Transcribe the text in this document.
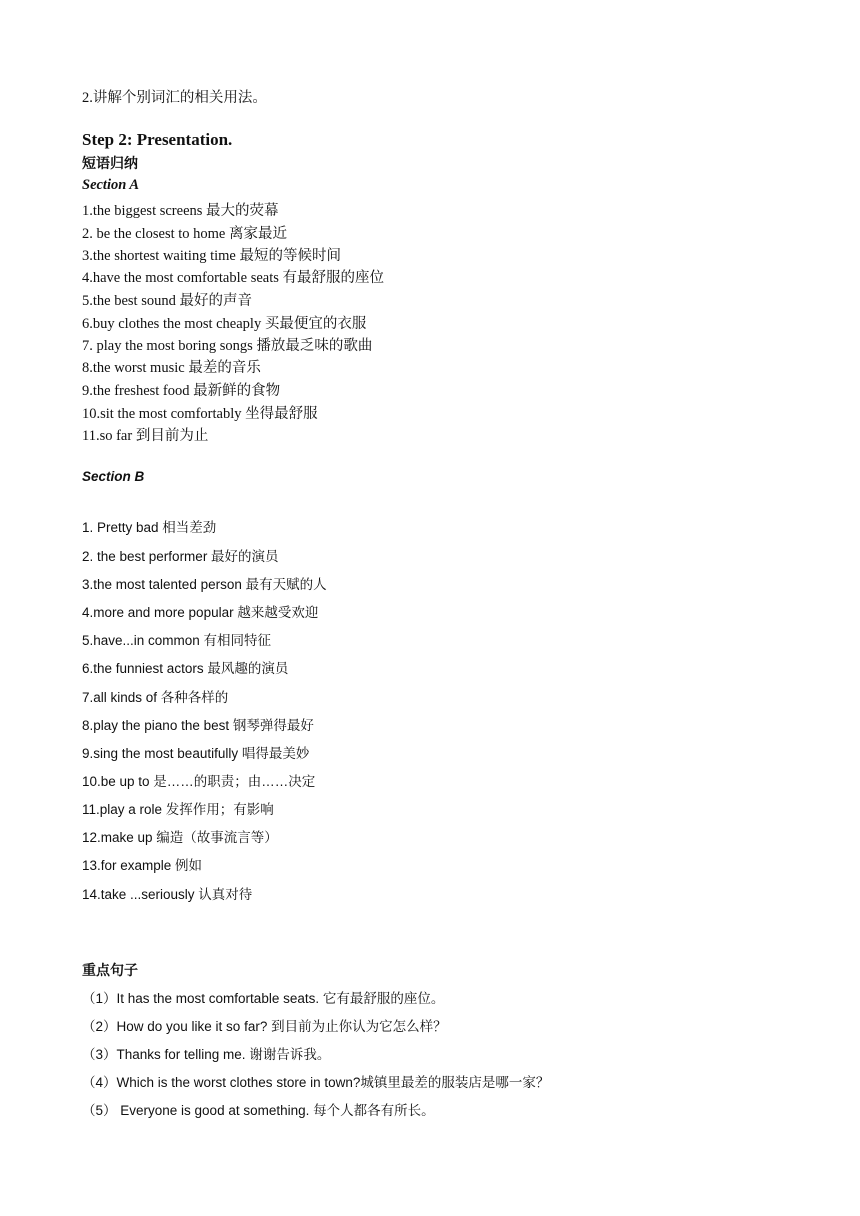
2.讲解个别词汇的相关用法。
Step 2: Presentation.
短语归纳
Section A
1.the biggest screens 最大的荧幕
2. be the closest to home 离家最近
3.the shortest waiting time 最短的等候时间
4.have the most comfortable seats 有最舒服的座位
5.the best sound 最好的声音
6.buy clothes the most cheaply 买最便宜的衣服
7. play the most boring songs 播放最乏味的歌曲
8.the worst music 最差的音乐
9.the freshest food 最新鲜的食物
10.sit the most comfortably 坐得最舒服
11.so far 到目前为止
Section B
1. Pretty bad 相当差劲
2. the best performer 最好的演员
3.the most talented person 最有天赋的人
4.more and more popular 越来越受欢迎
5.have...in common 有相同特征
6.the funniest actors 最风趣的演员
7.all kinds of 各种各样的
8.play the piano the best 钢琴弹得最好
9.sing the most beautifully 唱得最美妙
10.be up to 是……的职责；由……决定
11.play a role 发挥作用；有影响
12.make up 编造（故事流言等）
13.for example 例如
14.take ...seriously 认真对待
重点句子
（1）It has the most comfortable seats. 它有最舒服的座位。
（2）How do you like it so far? 到目前为止你认为它怎么样？
（3）Thanks for telling me. 谢谢告诉我。
（4）Which is the worst clothes store in town?城镇里最差的服装店是哪一家？
（5） Everyone is good at something. 每个人都各有所长。
